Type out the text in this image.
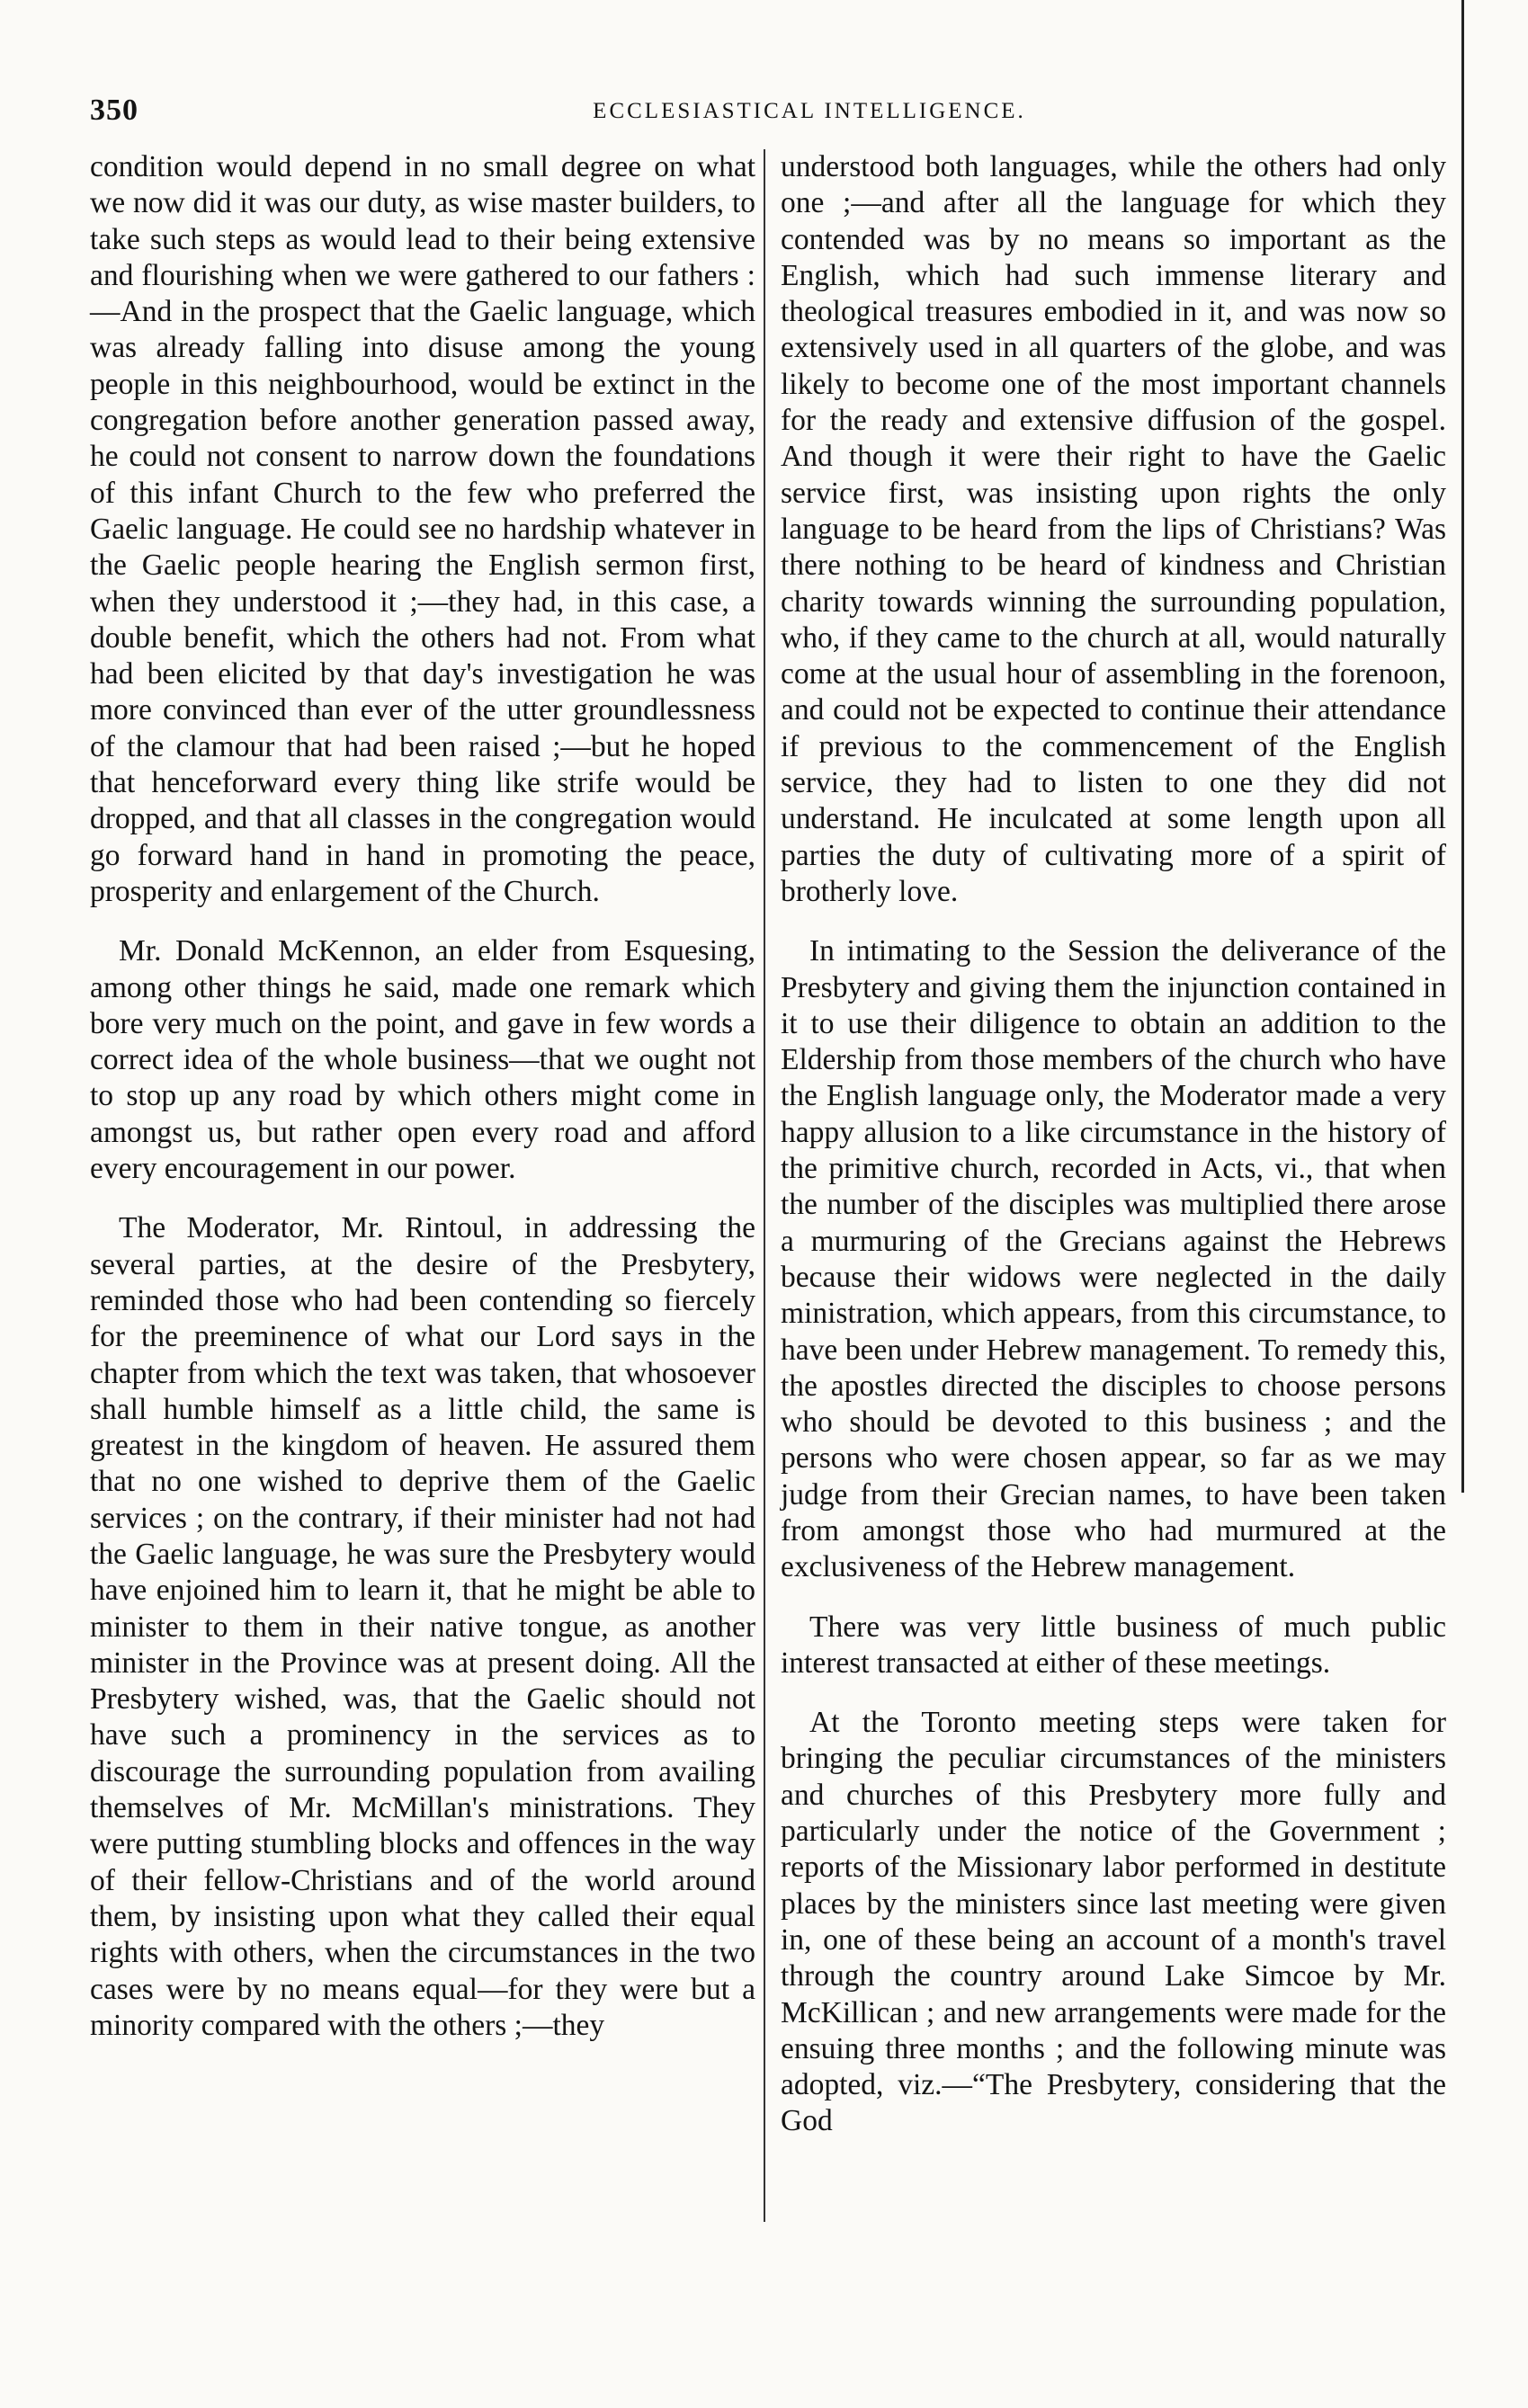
350	ECCLESIASTICAL INTELLIGENCE.

condition would depend in no small degree on what we now did it was our duty, as wise master builders, to take such steps as would lead to their being extensive and flourishing when we were gathered to our fathers :—And in the prospect that the Gaelic language, which was already falling into disuse among the young people in this neighbourhood, would be extinct in the congregation before another generation passed away, he could not consent to narrow down the foundations of this infant Church to the few who preferred the Gaelic language. He could see no hardship whatever in the Gaelic people hearing the English sermon first, when they understood it ;—they had, in this case, a double benefit, which the others had not. From what had been elicited by that day's investigation he was more convinced than ever of the utter groundlessness of the clamour that had been raised ;—but he hoped that henceforward every thing like strife would be dropped, and that all classes in the congregation would go forward hand in hand in promoting the peace, prosperity and enlargement of the Church.

Mr. Donald McKennon, an elder from Esquesing, among other things he said, made one remark which bore very much on the point, and gave in few words a correct idea of the whole business—that we ought not to stop up any road by which others might come in amongst us, but rather open every road and afford every encouragement in our power.

The Moderator, Mr. Rintoul, in addressing the several parties, at the desire of the Presbytery, reminded those who had been contending so fiercely for the preeminence of what our Lord says in the chapter from which the text was taken, that whosoever shall humble himself as a little child, the same is greatest in the kingdom of heaven. He assured them that no one wished to deprive them of the Gaelic services ; on the contrary, if their minister had not had the Gaelic language, he was sure the Presbytery would have enjoined him to learn it, that he might be able to minister to them in their native tongue, as another minister in the Province was at present doing. All the Presbytery wished, was, that the Gaelic should not have such a prominency in the services as to discourage the surrounding population from availing themselves of Mr. McMillan's ministrations. They were putting stumbling blocks and offences in the way of their fellow-Christians and of the world around them, by insisting upon what they called their equal rights with others, when the circumstances in the two cases were by no means equal—for they were but a minority compared with the others ;—they

understood both languages, while the others had only one ;—and after all the language for which they contended was by no means so important as the English, which had such immense literary and theological treasures embodied in it, and was now so extensively used in all quarters of the globe, and was likely to become one of the most important channels for the ready and extensive diffusion of the gospel. And though it were their right to have the Gaelic service first, was insisting upon rights the only language to be heard from the lips of Christians? Was there nothing to be heard of kindness and Christian charity towards winning the surrounding population, who, if they came to the church at all, would naturally come at the usual hour of assembling in the forenoon, and could not be expected to continue their attendance if previous to the commencement of the English service, they had to listen to one they did not understand. He inculcated at some length upon all parties the duty of cultivating more of a spirit of brotherly love.

In intimating to the Session the deliverance of the Presbytery and giving them the injunction contained in it to use their diligence to obtain an addition to the Eldership from those members of the church who have the English language only, the Moderator made a very happy allusion to a like circumstance in the history of the primitive church, recorded in Acts, vi., that when the number of the disciples was multiplied there arose a murmuring of the Grecians against the Hebrews because their widows were neglected in the daily ministration, which appears, from this circumstance, to have been under Hebrew management. To remedy this, the apostles directed the disciples to choose persons who should be devoted to this business ; and the persons who were chosen appear, so far as we may judge from their Grecian names, to have been taken from amongst those who had murmured at the exclusiveness of the Hebrew management.

There was very little business of much public interest transacted at either of these meetings.

At the Toronto meeting steps were taken for bringing the peculiar circumstances of the ministers and churches of this Presbytery more fully and particularly under the notice of the Government ; reports of the Missionary labor performed in destitute places by the ministers since last meeting were given in, one of these being an account of a month's travel through the country around Lake Simcoe by Mr. McKillican ; and new arrangements were made for the ensuing three months ; and the following minute was adopted, viz.—“The Presbytery, considering that the God
